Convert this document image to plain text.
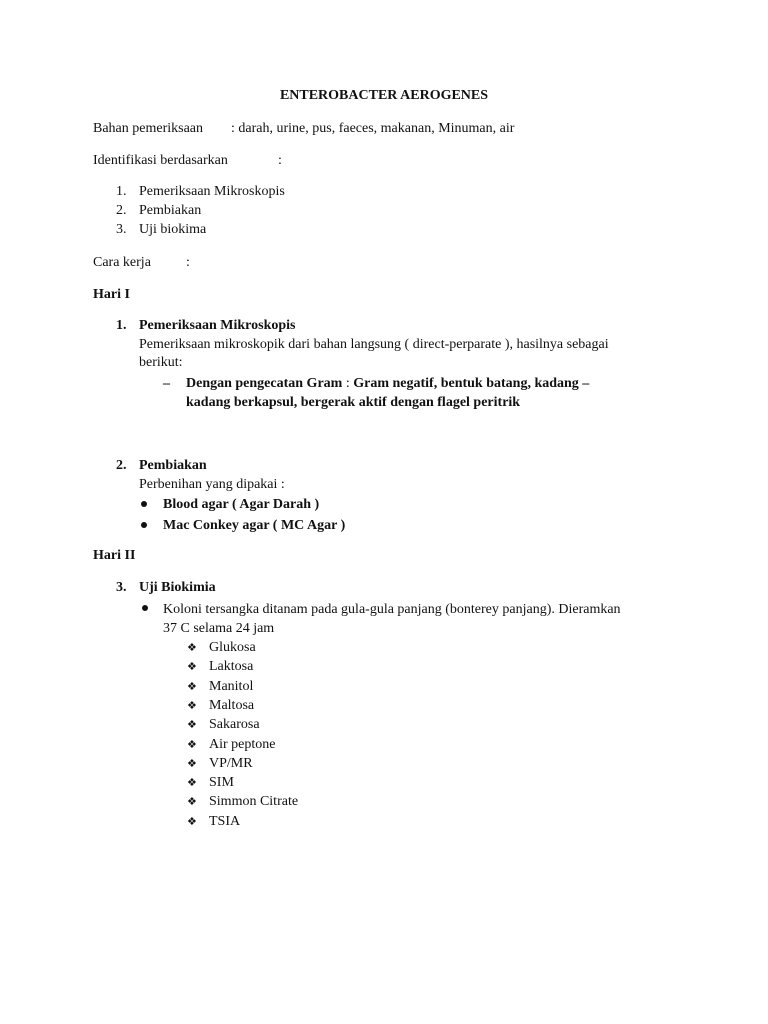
ENTEROBACTER AEROGENES
Bahan pemeriksaan : darah, urine, pus, faeces, makanan, Minuman, air
Identifikasi berdasarkan	:
1. Pemeriksaan Mikroskopis
2. Pembiakan
3. Uji biokima
Cara kerja	:
Hari I
1. Pemeriksaan Mikroskopis
Pemeriksaan mikroskopik dari bahan langsung ( direct-perparate ), hasilnya sebagai
berikut:
– Dengan pengecatan Gram : Gram negatif, bentuk batang, kadang –
kadang berkapsul, bergerak aktif dengan flagel peritrik
2. Pembiakan
Perbenihan yang dipakai :
Blood agar ( Agar Darah )
Mac Conkey agar ( MC Agar )
Hari II
3. Uji Biokimia
Koloni tersangka ditanam pada gula-gula panjang (bonterey panjang). Dieramkan
37 C selama 24 jam
❖ Glukosa
❖ Laktosa
❖ Manitol
❖ Maltosa
❖ Sakarosa
❖ Air peptone
❖ VP/MR
❖ SIM
❖ Simmon Citrate
❖ TSIA
